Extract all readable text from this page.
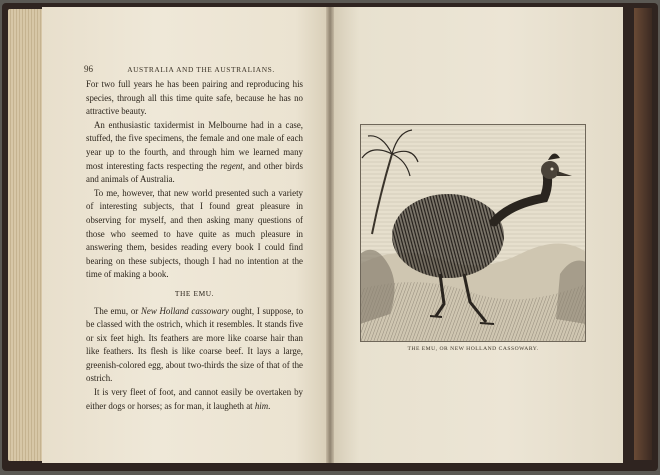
96	AUSTRALIA AND THE AUSTRALIANS.

For two full years he has been pairing and reproducing his species, through all this time quite safe, because he has no attractive beauty.

An enthusiastic taxidermist in Melbourne had in a case, stuffed, the five specimens, the female and one male of each year up to the fourth, and through him we learned many most interesting facts respecting the regent, and other birds and animals of Australia.

To me, however, that new world presented such a variety of interesting subjects, that I found great pleasure in observing for myself, and then asking many questions of those who seemed to have quite as much pleasure in answering them, besides reading every book I could find bearing on these subjects, though I had no intention at the time of making a book.

THE EMU.

The emu, or New Holland cassowary ought, I suppose, to be classed with the ostrich, which it resembles. It stands five or six feet high. Its feathers are more like coarse hair than like feathers. Its flesh is like coarse beef. It lays a large, greenish-colored egg, about two-thirds the size of that of the ostrich.

It is very fleet of foot, and cannot easily be overtaken by either dogs or horses; as for man, it laugheth at him.

THE EMU, OR NEW HOLLAND CASSOWARY.
